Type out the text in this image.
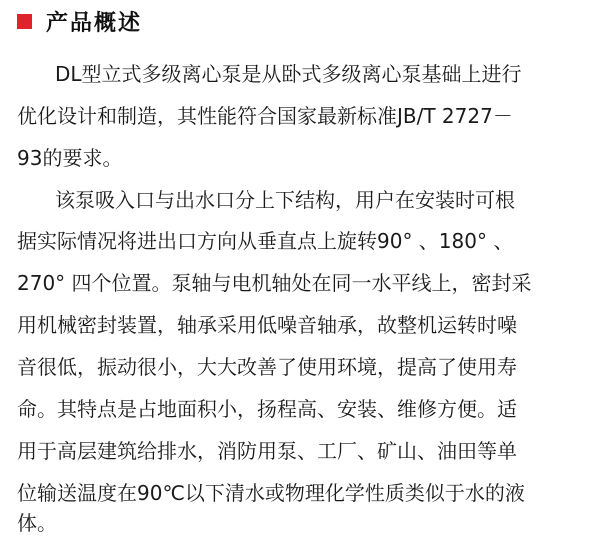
产品概述
DL型立式多级离心泵是从卧式多级离心泵基础上进行
优化设计和制造，其性能符合国家最新标准JB/T 2727－
93的要求。
该泵吸入口与出水口分上下结构，用户在安装时可根
据实际情况将进出口方向从垂直点上旋转90° 、180° 、
270° 四个位置。泵轴与电机轴处在同一水平线上，密封采
用机械密封装置，轴承采用低噪音轴承，故整机运转时噪
音很低，振动很小，大大改善了使用环境，提高了使用寿
命。其特点是占地面积小，扬程高、安装、维修方便。适
用于高层建筑给排水，消防用泵、工厂、矿山、油田等单
位输送温度在90℃以下清水或物理化学性质类似于水的液
体。
